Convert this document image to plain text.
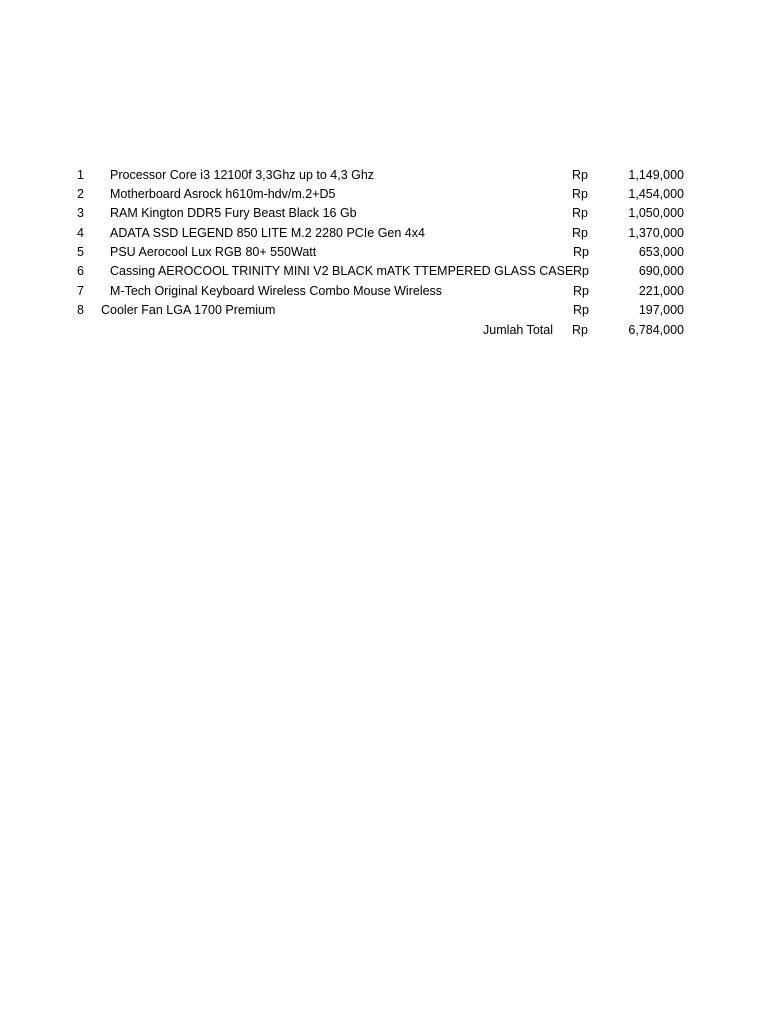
1 Processor Core i3 12100f 3,3Ghz up to 4,3 Ghz	Rp	1,149,000
2 Motherboard Asrock h610m-hdv/m.2+D5	Rp	1,454,000
3 RAM Kington DDR5 Fury Beast Black 16 Gb	Rp	1,050,000
4 ADATA SSD LEGEND 850 LITE M.2 2280 PCIe Gen 4x4	Rp	1,370,000
5 PSU Aerocool Lux RGB 80+ 550Watt	Rp	653,000
6 Cassing AEROCOOL TRINITY MINI V2 BLACK mATK TTEMPERED GLASS CASE Rp	690,000
7 M-Tech Original Keyboard Wireless Combo Mouse Wireless	Rp	221,000
8 Cooler Fan LGA 1700 Premium	Rp	197,000
Jumlah Total Rp	6,784,000
